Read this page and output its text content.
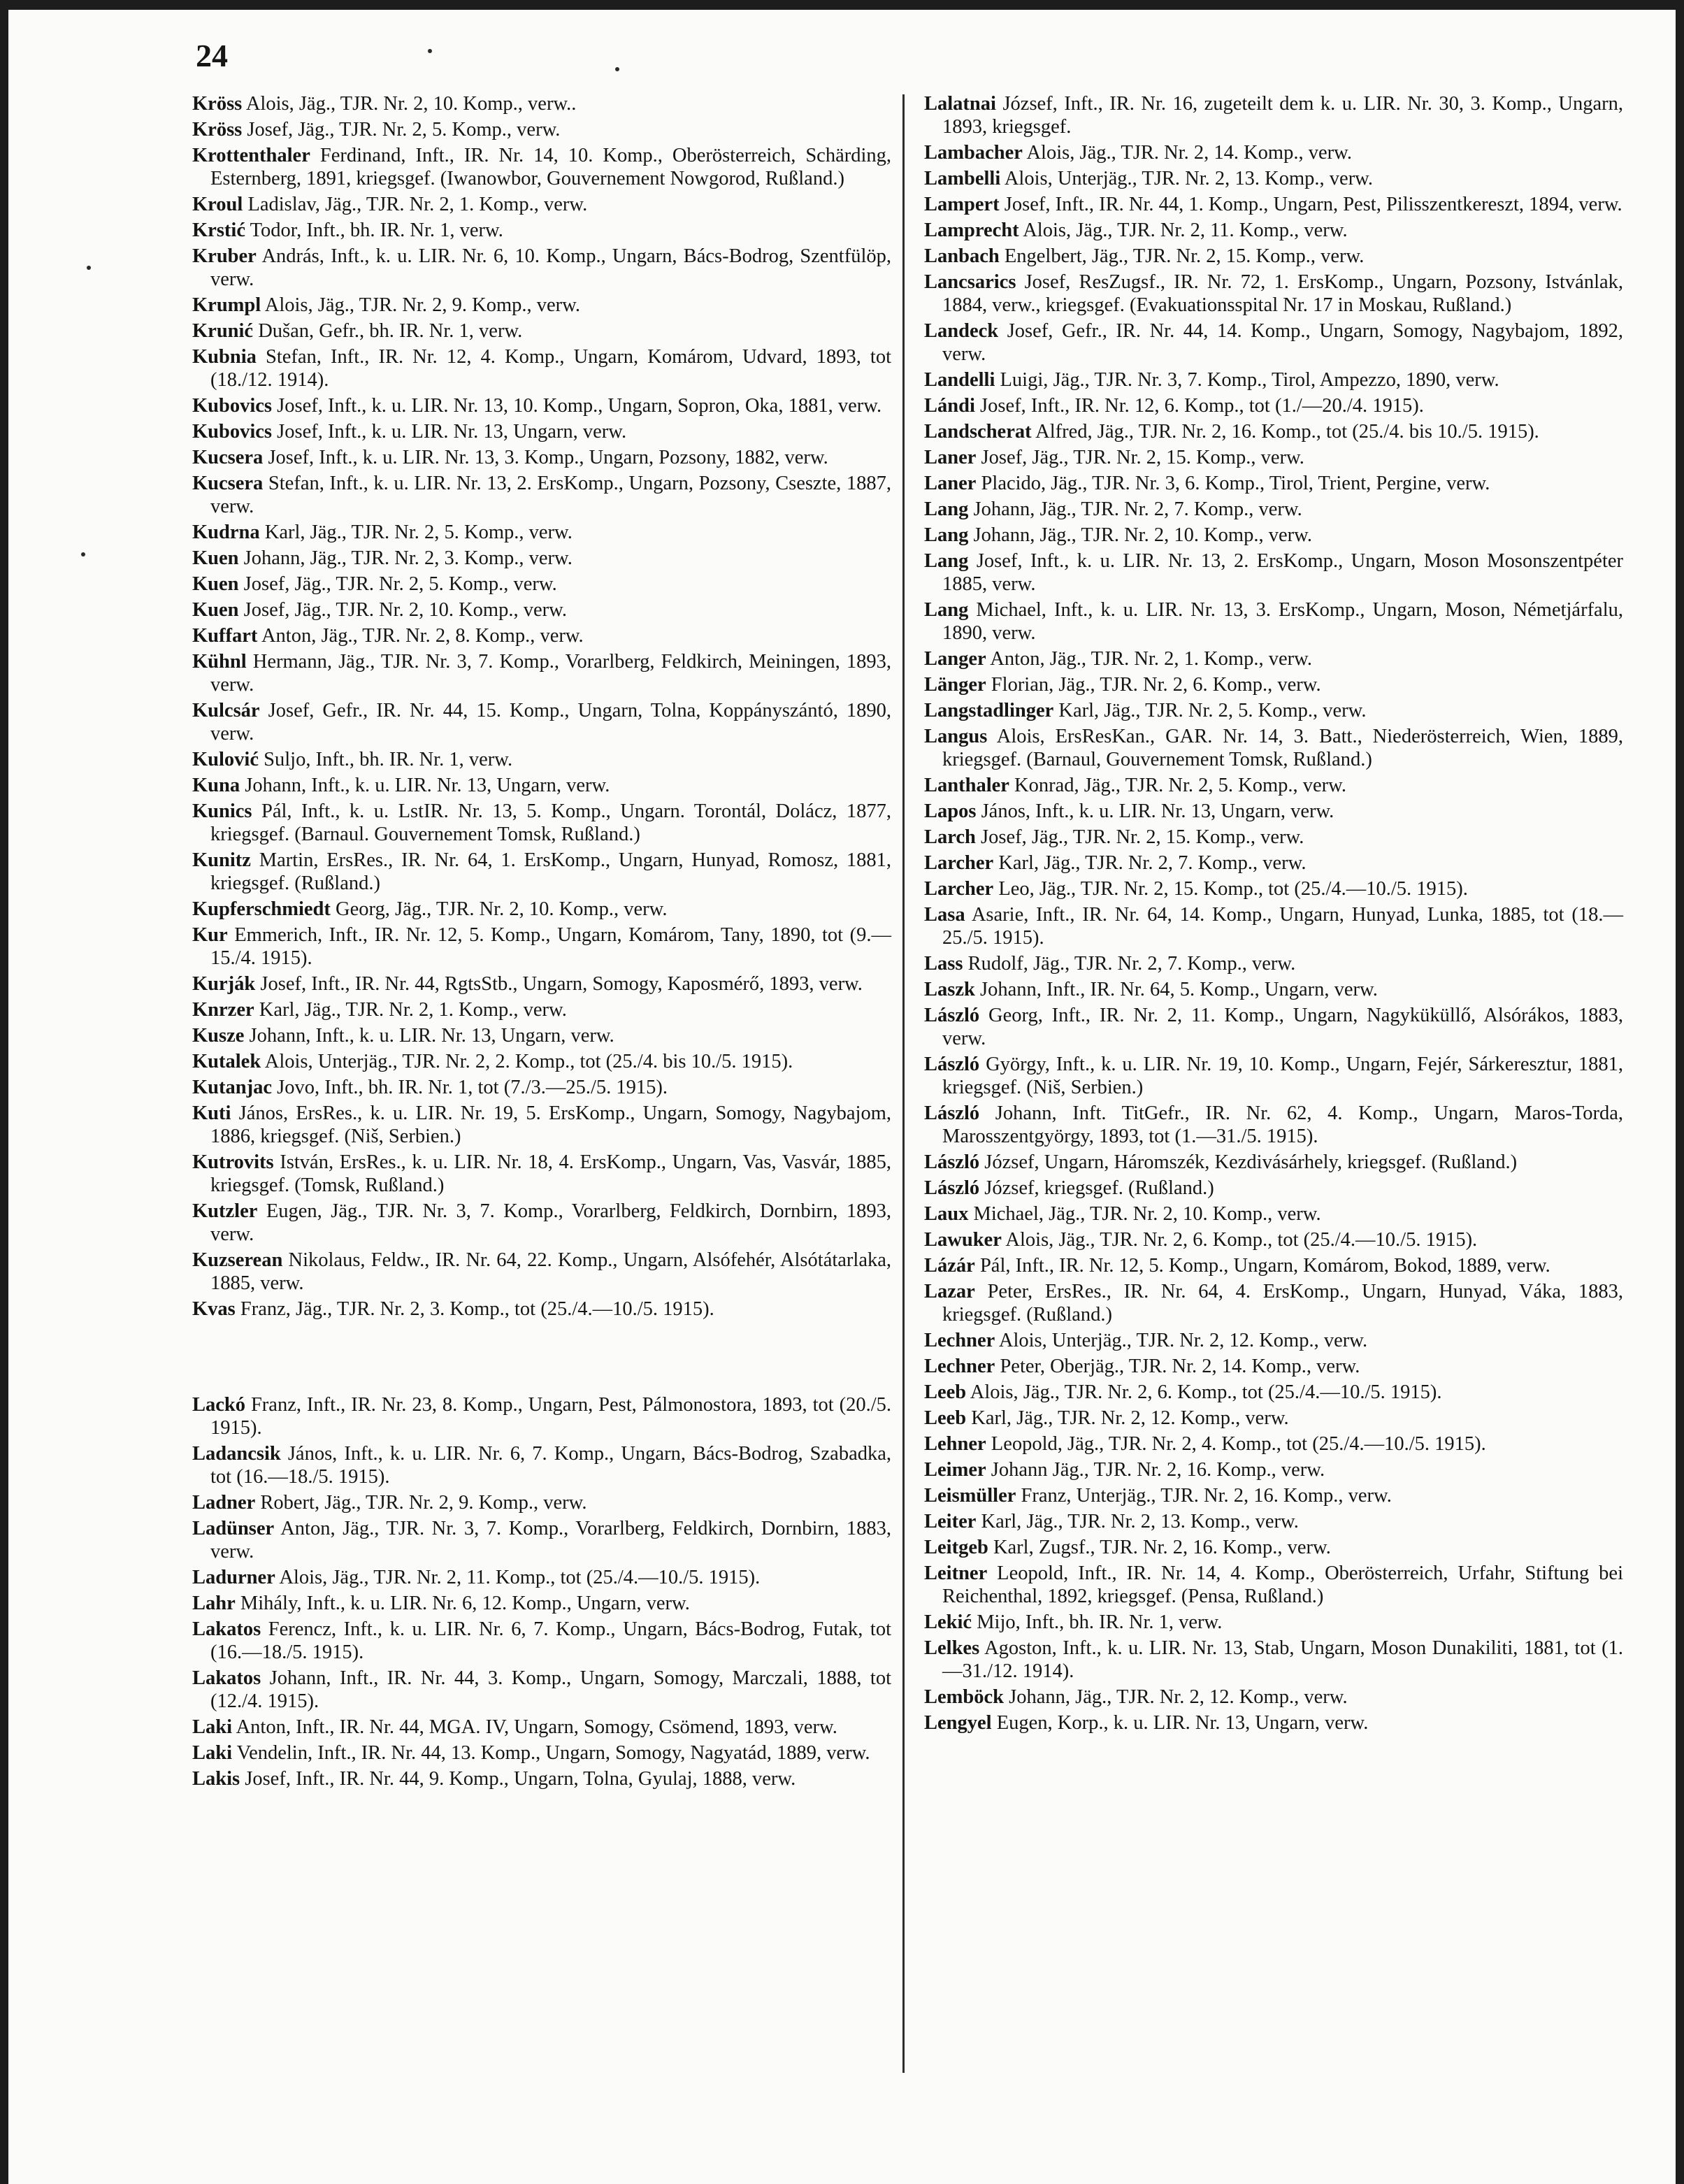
24

Kröss Alois, Jäg., TJR. Nr. 2, 10. Komp., verw..

Kröss Josef, Jäg., TJR. Nr. 2, 5. Komp., verw.

Krottenthaler Ferdinand, Inft., IR. Nr. 14, 10. Komp., Oberösterreich, Schärding, Esternberg, 1891, kriegsgef. (Iwanowbor, Gouvernement Nowgorod, Rußland.)

Kroul Ladislav, Jäg., TJR. Nr. 2, 1. Komp., verw.

Krstić Todor, Inft., bh. IR. Nr. 1, verw.

Kruber András, Inft., k. u. LIR. Nr. 6, 10. Komp., Ungarn, Bács-Bodrog, Szentfülöp, verw.

Krumpl Alois, Jäg., TJR. Nr. 2, 9. Komp., verw.

Krunić Dušan, Gefr., bh. IR. Nr. 1, verw.

Kubnia Stefan, Inft., IR. Nr. 12, 4. Komp., Ungarn, Komárom, Udvard, 1893, tot (18./12. 1914).

Kubovics Josef, Inft., k. u. LIR. Nr. 13, 10. Komp., Ungarn, Sopron, Oka, 1881, verw.

Kubovics Josef, Inft., k. u. LIR. Nr. 13, Ungarn, verw.

Kucsera Josef, Inft., k. u. LIR. Nr. 13, 3. Komp., Ungarn, Pozsony, 1882, verw.

Kucsera Stefan, Inft., k. u. LIR. Nr. 13, 2. ErsKomp., Ungarn, Pozsony, Cseszte, 1887, verw.

Kudrna Karl, Jäg., TJR. Nr. 2, 5. Komp., verw.

Kuen Johann, Jäg., TJR. Nr. 2, 3. Komp., verw.

Kuen Josef, Jäg., TJR. Nr. 2, 5. Komp., verw.

Kuen Josef, Jäg., TJR. Nr. 2, 10. Komp., verw.

Kuffart Anton, Jäg., TJR. Nr. 2, 8. Komp., verw.

Kühnl Hermann, Jäg., TJR. Nr. 3, 7. Komp., Vorarlberg, Feldkirch, Meiningen, 1893, verw.

Kulcsár Josef, Gefr., IR. Nr. 44, 15. Komp., Ungarn, Tolna, Koppányszántó, 1890, verw.

Kulović Suljo, Inft., bh. IR. Nr. 1, verw.

Kuna Johann, Inft., k. u. LIR. Nr. 13, Ungarn, verw.

Kunics Pál, Inft., k. u. LstIR. Nr. 13, 5. Komp., Ungarn. Torontál, Dolácz, 1877, kriegsgef. (Barnaul. Gouvernement Tomsk, Rußland.)

Kunitz Martin, ErsRes., IR. Nr. 64, 1. ErsKomp., Ungarn, Hunyad, Romosz, 1881, kriegsgef. (Rußland.)

Kupferschmiedt Georg, Jäg., TJR. Nr. 2, 10. Komp., verw.

Kur Emmerich, Inft., IR. Nr. 12, 5. Komp., Ungarn, Komárom, Tany, 1890, tot (9.—15./4. 1915).

Kurják Josef, Inft., IR. Nr. 44, RgtsStb., Ungarn, Somogy, Kaposmérő, 1893, verw.

Knrzer Karl, Jäg., TJR. Nr. 2, 1. Komp., verw.

Kusze Johann, Inft., k. u. LIR. Nr. 13, Ungarn, verw.

Kutalek Alois, Unterjäg., TJR. Nr. 2, 2. Komp., tot (25./4. bis 10./5. 1915).

Kutanjac Jovo, Inft., bh. IR. Nr. 1, tot (7./3.—25./5. 1915).

Kuti János, ErsRes., k. u. LIR. Nr. 19, 5. ErsKomp., Ungarn, Somogy, Nagybajom, 1886, kriegsgef. (Niš, Serbien.)

Kutrovits István, ErsRes., k. u. LIR. Nr. 18, 4. ErsKomp., Ungarn, Vas, Vasvár, 1885, kriegsgef. (Tomsk, Rußland.)

Kutzler Eugen, Jäg., TJR. Nr. 3, 7. Komp., Vorarlberg, Feldkirch, Dornbirn, 1893, verw.

Kuzserean Nikolaus, Feldw., IR. Nr. 64, 22. Komp., Ungarn, Alsófehér, Alsótátarlaka, 1885, verw.

Kvas Franz, Jäg., TJR. Nr. 2, 3. Komp., tot (25./4.—10./5. 1915).

Lackó Franz, Inft., IR. Nr. 23, 8. Komp., Ungarn, Pest, Pálmonostora, 1893, tot (20./5. 1915).

Ladancsik János, Inft., k. u. LIR. Nr. 6, 7. Komp., Ungarn, Bács-Bodrog, Szabadka, tot (16.—18./5. 1915).

Ladner Robert, Jäg., TJR. Nr. 2, 9. Komp., verw.

Ladünser Anton, Jäg., TJR. Nr. 3, 7. Komp., Vorarlberg, Feldkirch, Dornbirn, 1883, verw.

Ladurner Alois, Jäg., TJR. Nr. 2, 11. Komp., tot (25./4.—10./5. 1915).

Lahr Mihály, Inft., k. u. LIR. Nr. 6, 12. Komp., Ungarn, verw.

Lakatos Ferencz, Inft., k. u. LIR. Nr. 6, 7. Komp., Ungarn, Bács-Bodrog, Futak, tot (16.—18./5. 1915).

Lakatos Johann, Inft., IR. Nr. 44, 3. Komp., Ungarn, Somogy, Marczali, 1888, tot (12./4. 1915).

Laki Anton, Inft., IR. Nr. 44, MGA. IV, Ungarn, Somogy, Csömend, 1893, verw.

Laki Vendelin, Inft., IR. Nr. 44, 13. Komp., Ungarn, Somogy, Nagyatád, 1889, verw.

Lakis Josef, Inft., IR. Nr. 44, 9. Komp., Ungarn, Tolna, Gyulaj, 1888, verw.

Lalatnai József, Inft., IR. Nr. 16, zugeteilt dem k. u. LIR. Nr. 30, 3. Komp., Ungarn, 1893, kriegsgef.

Lambacher Alois, Jäg., TJR. Nr. 2, 14. Komp., verw.

Lambelli Alois, Unterjäg., TJR. Nr. 2, 13. Komp., verw.

Lampert Josef, Inft., IR. Nr. 44, 1. Komp., Ungarn, Pest, Pilisszentkereszt, 1894, verw.

Lamprecht Alois, Jäg., TJR. Nr. 2, 11. Komp., verw.

Lanbach Engelbert, Jäg., TJR. Nr. 2, 15. Komp., verw.

Lancsarics Josef, ResZugsf., IR. Nr. 72, 1. ErsKomp., Ungarn, Pozsony, Istvánlak, 1884, verw., kriegsgef. (Evakuationsspital Nr. 17 in Moskau, Rußland.)

Landeck Josef, Gefr., IR. Nr. 44, 14. Komp., Ungarn, Somogy, Nagybajom, 1892, verw.

Landelli Luigi, Jäg., TJR. Nr. 3, 7. Komp., Tirol, Ampezzo, 1890, verw.

Lándi Josef, Inft., IR. Nr. 12, 6. Komp., tot (1./—20./4. 1915).

Landscherat Alfred, Jäg., TJR. Nr. 2, 16. Komp., tot (25./4. bis 10./5. 1915).

Laner Josef, Jäg., TJR. Nr. 2, 15. Komp., verw.

Laner Placido, Jäg., TJR. Nr. 3, 6. Komp., Tirol, Trient, Pergine, verw.

Lang Johann, Jäg., TJR. Nr. 2, 7. Komp., verw.

Lang Johann, Jäg., TJR. Nr. 2, 10. Komp., verw.

Lang Josef, Inft., k. u. LIR. Nr. 13, 2. ErsKomp., Ungarn, Moson Mosonszentpéter 1885, verw.

Lang Michael, Inft., k. u. LIR. Nr. 13, 3. ErsKomp., Ungarn, Moson, Németjárfalu, 1890, verw.

Langer Anton, Jäg., TJR. Nr. 2, 1. Komp., verw.

Länger Florian, Jäg., TJR. Nr. 2, 6. Komp., verw.

Langstadlinger Karl, Jäg., TJR. Nr. 2, 5. Komp., verw.

Langus Alois, ErsResKan., GAR. Nr. 14, 3. Batt., Niederösterreich, Wien, 1889, kriegsgef. (Barnaul, Gouvernement Tomsk, Rußland.)

Lanthaler Konrad, Jäg., TJR. Nr. 2, 5. Komp., verw.

Lapos János, Inft., k. u. LIR. Nr. 13, Ungarn, verw.

Larch Josef, Jäg., TJR. Nr. 2, 15. Komp., verw.

Larcher Karl, Jäg., TJR. Nr. 2, 7. Komp., verw.

Larcher Leo, Jäg., TJR. Nr. 2, 15. Komp., tot (25./4.—10./5. 1915).

Lasa Asarie, Inft., IR. Nr. 64, 14. Komp., Ungarn, Hunyad, Lunka, 1885, tot (18.—25./5. 1915).

Lass Rudolf, Jäg., TJR. Nr. 2, 7. Komp., verw.

Laszk Johann, Inft., IR. Nr. 64, 5. Komp., Ungarn, verw.

László Georg, Inft., IR. Nr. 2, 11. Komp., Ungarn, Nagyküküllő, Alsórákos, 1883, verw.

László György, Inft., k. u. LIR. Nr. 19, 10. Komp., Ungarn, Fejér, Sárkeresztur, 1881, kriegsgef. (Niš, Serbien.)

László Johann, Inft. TitGefr., IR. Nr. 62, 4. Komp., Ungarn, Maros-Torda, Marosszentgyörgy, 1893, tot (1.—31./5. 1915).

László József, Ungarn, Háromszék, Kezdivásárhely, kriegsgef. (Rußland.)

László József, kriegsgef. (Rußland.)

Laux Michael, Jäg., TJR. Nr. 2, 10. Komp., verw.

Lawuker Alois, Jäg., TJR. Nr. 2, 6. Komp., tot (25./4.—10./5. 1915).

Lázár Pál, Inft., IR. Nr. 12, 5. Komp., Ungarn, Komárom, Bokod, 1889, verw.

Lazar Peter, ErsRes., IR. Nr. 64, 4. ErsKomp., Ungarn, Hunyad, Váka, 1883, kriegsgef. (Rußland.)

Lechner Alois, Unterjäg., TJR. Nr. 2, 12. Komp., verw.

Lechner Peter, Oberjäg., TJR. Nr. 2, 14. Komp., verw.

Leeb Alois, Jäg., TJR. Nr. 2, 6. Komp., tot (25./4.—10./5. 1915).

Leeb Karl, Jäg., TJR. Nr. 2, 12. Komp., verw.

Lehner Leopold, Jäg., TJR. Nr. 2, 4. Komp., tot (25./4.—10./5. 1915).

Leimer Johann Jäg., TJR. Nr. 2, 16. Komp., verw.

Leismüller Franz, Unterjäg., TJR. Nr. 2, 16. Komp., verw.

Leiter Karl, Jäg., TJR. Nr. 2, 13. Komp., verw.

Leitgeb Karl, Zugsf., TJR. Nr. 2, 16. Komp., verw.

Leitner Leopold, Inft., IR. Nr. 14, 4. Komp., Oberösterreich, Urfahr, Stiftung bei Reichenthal, 1892, kriegsgef. (Pensa, Rußland.)

Lekić Mijo, Inft., bh. IR. Nr. 1, verw.

Lelkes Agoston, Inft., k. u. LIR. Nr. 13, Stab, Ungarn, Moson Dunakiliti, 1881, tot (1.—31./12. 1914).

Lemböck Johann, Jäg., TJR. Nr. 2, 12. Komp., verw.

Lengyel Eugen, Korp., k. u. LIR. Nr. 13, Ungarn, verw.
